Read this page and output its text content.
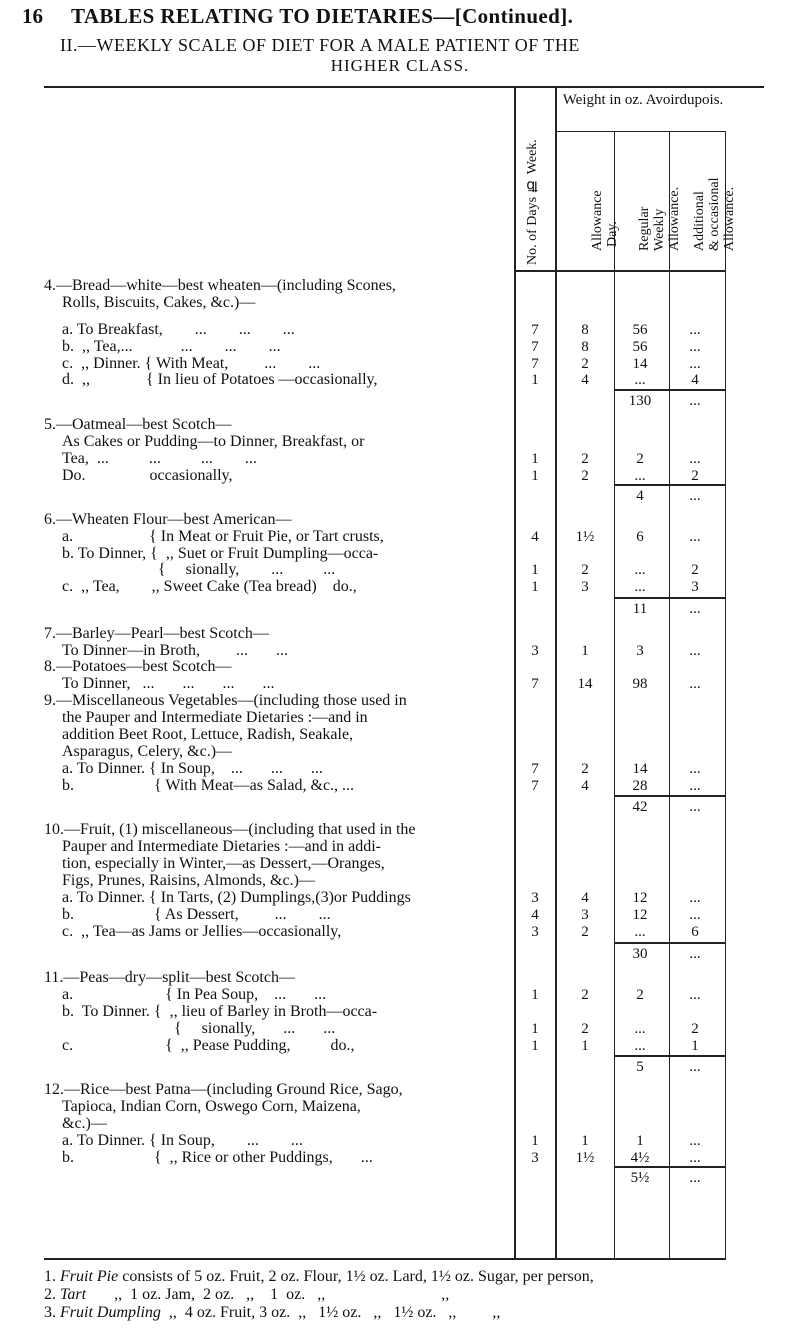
16 TABLES RELATING TO DIETARIES—[Continued].
II.—WEEKLY SCALE OF DIET FOR A MALE PATIENT OF THE
HIGHER CLASS.
No. of Days ℔ Week.
Weight in oz. Avoirdupois.

Allowance
Day.
	Regular
Weekly
Allowance.
Additional
& occasional
Allowance.

4.—Bread—white—best wheaten—(including Scones,
Rolls, Biscuits, Cakes, &c.)—
a. To Breakfast,        ...        ...        ...	7	8	56	...
b.  ,, Tea,...            ...        ...        ...	7	8	56	...
c.  ,, Dinner. { With Meat,         ...        ...	7	2	14	...
d.  ,,              { In lieu of Potatoes —occasionally,	1	4	...	4
130	...
5.—Oatmeal—best Scotch—
As Cakes or Pudding—to Dinner, Breakfast, or
Tea,  ...          ...          ...        ...	1	2	2	...
Do.                occasionally,	1	2	...	2
4	...
6.—Wheaten Flour—best American—
a.                   { In Meat or Fruit Pie, or Tart crusts,	4	1½	6	...
b. To Dinner, {  ,, Suet or Fruit Dumpling—occa-
{     sionally,        ...          ...	1	2	...	2
c.  ,, Tea,        ,, Sweet Cake (Tea bread)    do.,	1	3	...	3
11	...
7.—Barley—Pearl—best Scotch—
To Dinner—in Broth,         ...       ...	3	1	3	...
8.—Potatoes—best Scotch—
To Dinner,   ...       ...       ...       ...	7	14	98	...
9.—Miscellaneous Vegetables—(including those used in
the Pauper and Intermediate Dietaries :—and in
addition Beet Root, Lettuce, Radish, Seakale,
Asparagus, Celery, &c.)—
a. To Dinner. { In Soup,    ...       ...       ...	7	2	14	...
b.                    { With Meat—as Salad, &c., ...	7	4	28	...
42	...
10.—Fruit, (1) miscellaneous—(including that used in the
Pauper and Intermediate Dietaries :—and in addi-
tion, especially in Winter,—as Dessert,—Oranges,
Figs, Prunes, Raisins, Almonds, &c.)—
a. To Dinner. { In Tarts, (2) Dumplings,(3)or Puddings	3	4	12	...
b.                    { As Dessert,         ...        ...	4	3	12	...
c.  ,, Tea—as Jams or Jellies—occasionally,	3	2	...	6
30	...
11.—Peas—dry—split—best Scotch—
a.                       { In Pea Soup,    ...       ...	1	2	2	...
b.  To Dinner. {  ,, lieu of Barley in Broth—occa-
{     sionally,       ...       ...	1	2	...	2
c.                       {  ,, Pease Pudding,          do.,	1	1	...	1
5	...
12.—Rice—best Patna—(including Ground Rice, Sago,
Tapioca, Indian Corn, Oswego Corn, Maizena,
&c.)—
a. To Dinner. { In Soup,        ...        ...	1	1	1	...
b.                    {  ,, Rice or other Puddings,       ...	3	1½	4½	...
5½	...
1. Fruit Pie consists of 5 oz. Fruit, 2 oz. Flour, 1½ oz. Lard, 1½ oz. Sugar, per person,
2. Tart       ,,  1 oz. Jam,  2 oz.   ,,    1  oz.   ,,                             ,,
3. Fruit Dumpling  ,,  4 oz. Fruit, 3 oz.  ,,   1½ oz.   ,,   1½ oz.   ,,         ,,
